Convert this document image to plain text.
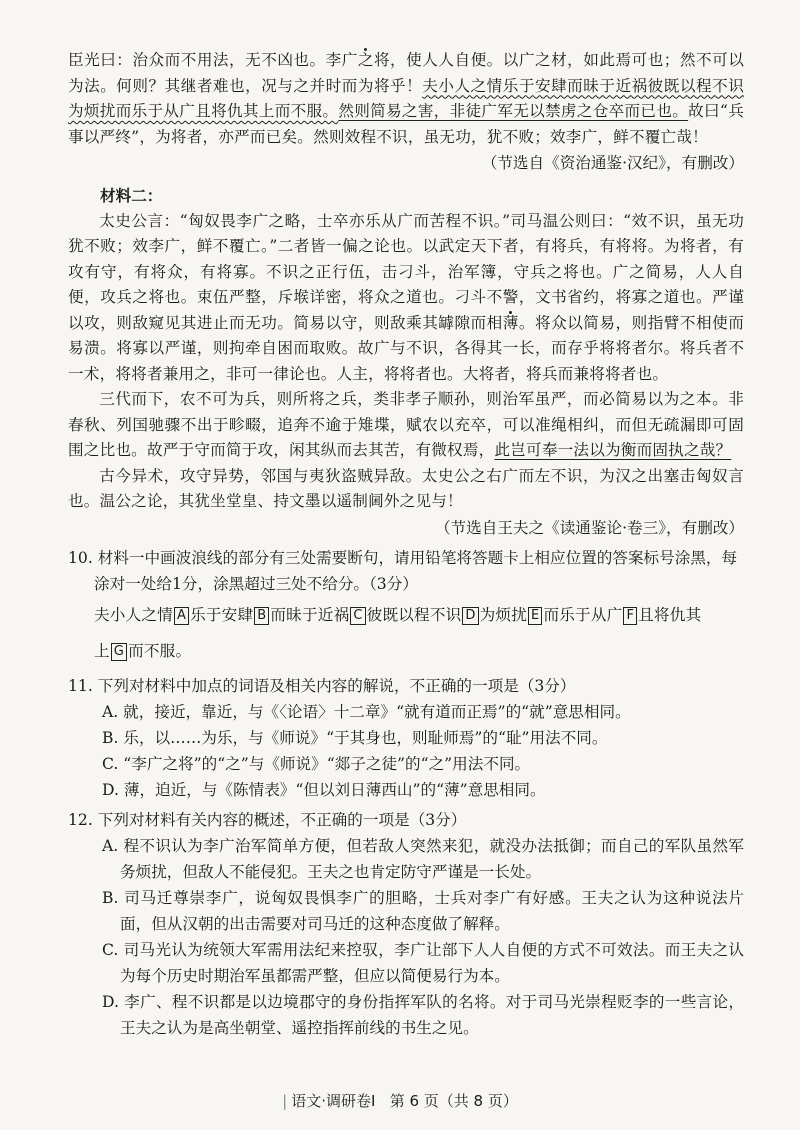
臣光曰：治众而不用法，无不凶也。李广之将，使人人自便。以广之材，如此焉可也；然不可以为法。何则？其继者难也，况与之并时而为将乎！夫小人之情乐于安肆而昧于近祸彼既以程不识为烦扰而乐于从广且将仇其上而不服。然则简易之害，非徒广军无以禁虏之仓卒而已也。故曰“兵事以严终”，为将者，亦严而已矣。然则效程不识，虽无功，犹不败；效李广，鲜不覆亡哉！

（节选自《资治通鉴·汉纪》，有删改）

材料二：

太史公言：“匈奴畏李广之略，士卒亦乐从广而苦程不识。”司马温公则曰：“效不识，虽无功犹不败；效李广，鲜不覆亡。”二者皆一偏之论也。以武定天下者，有将兵，有将将。为将者，有攻有守，有将众，有将寡。不识之正行伍，击刁斗，治军簿，守兵之将也。广之简易，人人自便，攻兵之将也。束伍严整，斥堠详密，将众之道也。刁斗不警，文书省约，将寡之道也。严谨以攻，则敌窥见其进止而无功。简易以守，则敌乘其罅隙而相薄。将众以简易，则指臂不相使而易溃。将寡以严谨，则拘牵自困而取败。故广与不识，各得其一长，而存乎将将者尔。将兵者不一术，将将者兼用之，非可一律论也。人主，将将者也。大将者，将兵而兼将将者也。

三代而下，农不可为兵，则所将之兵，类非孝子顺孙，则治军虽严，而必简易以为之本。非春秋、列国驰骤不出于畛畷，追奔不逾于雉堞，赋农以充卒，可以准绳相纠，而但无疏漏即可固围之比也。故严于守而简于攻，闲其纵而去其苦，有微权焉，此岂可奉一法以为衡而固执之哉？

古今异术，攻守异势，邻国与夷狄盗贼异敌。太史公之右广而左不识，为汉之出塞击匈奴言也。温公之论，其犹坐堂皇、持文墨以遥制阃外之见与！

（节选自王夫之《读通鉴论·卷三》，有删改）

10. 材料一中画波浪线的部分有三处需要断句，请用铅笔将答题卡上相应位置的答案标号涂黑，每涂对一处给1分，涂黑超过三处不给分。（3分）

夫小人之情 A 乐于安肆 B 而昧于近祸 C 彼既以程不识 D 为烦扰 E 而乐于从广 F 且将仇其
上 G 而不服。

11. 下列对材料中加点的词语及相关内容的解说，不正确的一项是（3分）

A. 就，接近，靠近，与《〈论语〉十二章》“就有道而正焉”的“就”意思相同。

B. 乐，以……为乐，与《师说》“于其身也，则耻师焉”的“耻”用法不同。

C. “李广之将”的“之”与《师说》“郯子之徒”的“之”用法不同。

D. 薄，迫近，与《陈情表》“但以刘日薄西山”的“薄”意思相同。

12. 下列对材料有关内容的概述，不正确的一项是（3分）

A. 程不识认为李广治军简单方便，但若敌人突然来犯，就没办法抵御；而自己的军队虽然军务烦扰，但敌人不能侵犯。王夫之也肯定防守严谨是一长处。

B. 司马迁尊崇李广，说匈奴畏惧李广的胆略，士兵对李广有好感。王夫之认为这种说法片面，但从汉朝的出击需要对司马迁的这种态度做了解释。

C. 司马光认为统领大军需用法纪来控驭，李广让部下人人自便的方式不可效法。而王夫之认为每个历史时期治军虽都需严整，但应以简便易行为本。

D. 李广、程不识都是以边境郡守的身份指挥军队的名将。对于司马光崇程贬李的一些言论，王夫之认为是高坐朝堂、遥控指挥前线的书生之见。

| 语文·调研卷Ⅰ 第 6 页（共 8 页）
